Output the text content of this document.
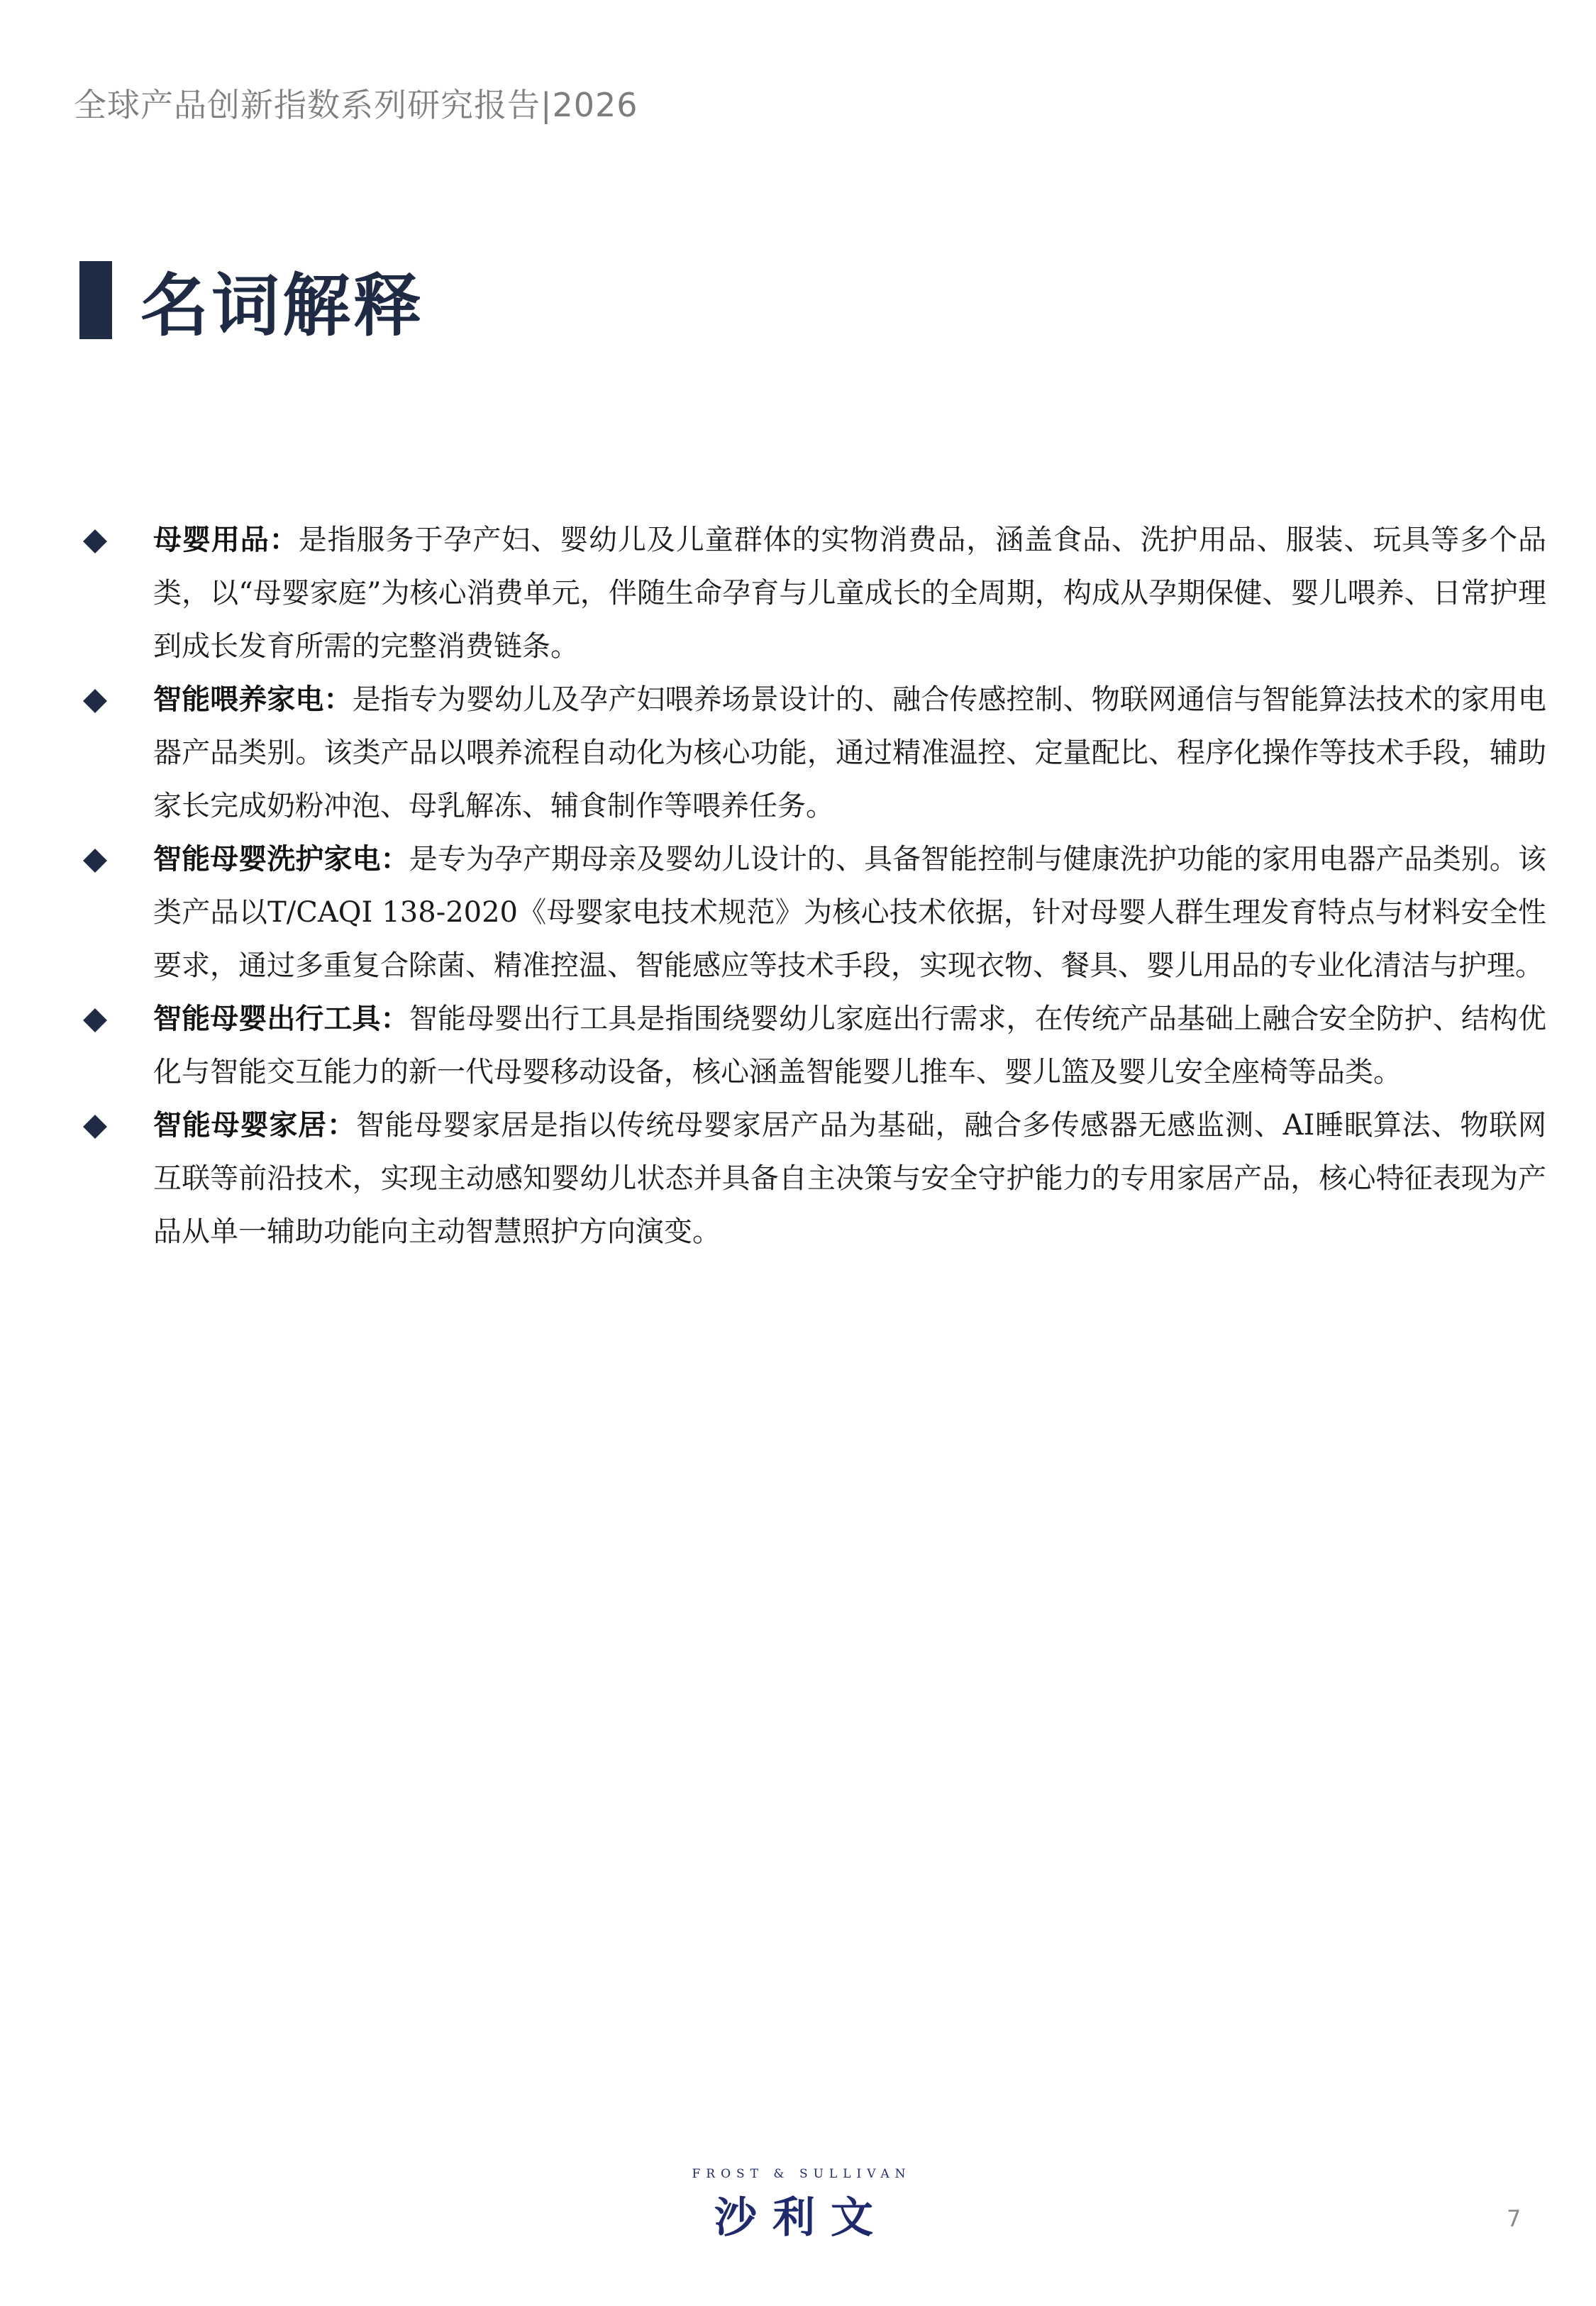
全球产品创新指数系列研究报告|2026
名词解释
母婴用品：是指服务于孕产妇、婴幼儿及儿童群体的实物消费品，涵盖食品、洗护用品、服装、玩具等多个品类，以“母婴家庭”为核心消费单元，伴随生命孕育与儿童成长的全周期，构成从孕期保健、婴儿喂养、日常护理到成长发育所需的完整消费链条。
智能喂养家电：是指专为婴幼儿及孕产妇喂养场景设计的、融合传感控制、物联网通信与智能算法技术的家用电器产品类别。该类产品以喂养流程自动化为核心功能，通过精准温控、定量配比、程序化操作等技术手段，辅助家长完成奶粉冲泡、母乳解冻、辅食制作等喂养任务。
智能母婴洗护家电：是专为孕产期母亲及婴幼儿设计的、具备智能控制与健康洗护功能的家用电器产品类别。该类产品以T/CAQI 138-2020《母婴家电技术规范》为核心技术依据，针对母婴人群生理发育特点与材料安全性要求，通过多重复合除菌、精准控温、智能感应等技术手段，实现衣物、餐具、婴儿用品的专业化清洁与护理。
智能母婴出行工具：智能母婴出行工具是指围绕婴幼儿家庭出行需求，在传统产品基础上融合安全防护、结构优化与智能交互能力的新一代母婴移动设备，核心涵盖智能婴儿推车、婴儿篮及婴儿安全座椅等品类。
智能母婴家居：智能母婴家居是指以传统母婴家居产品为基础，融合多传感器无感监测、AI睡眠算法、物联网互联等前沿技术，实现主动感知婴幼儿状态并具备自主决策与安全守护能力的专用家居产品，核心特征表现为产品从单一辅助功能向主动智慧照护方向演变。
FROST & SULLIVAN
沙利文	7
